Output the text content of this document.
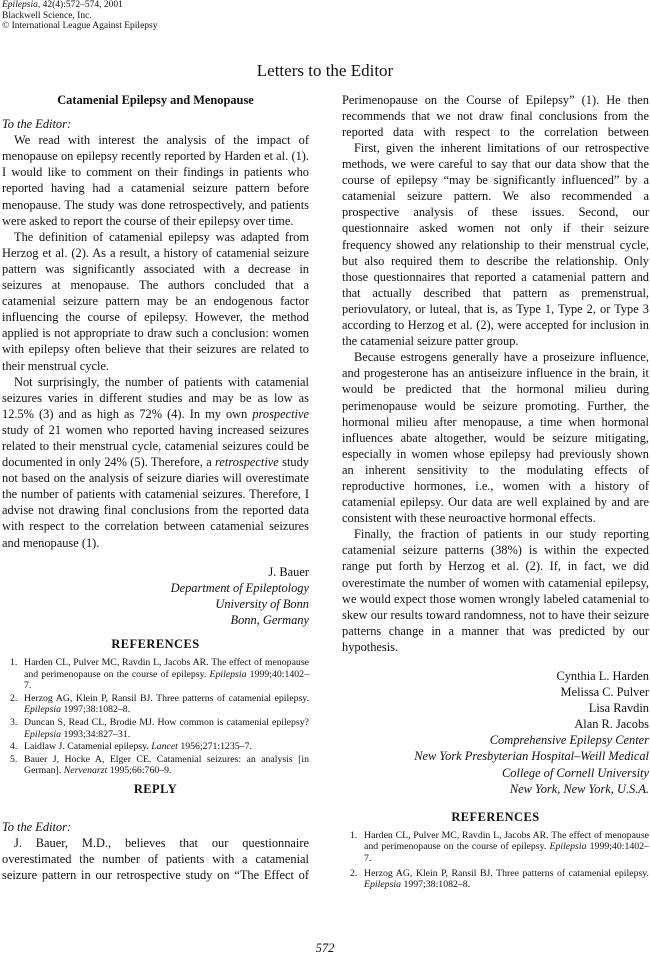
Epilepsia, 42(4):572–574, 2001
Blackwell Science, Inc.
© International League Against Epilepsy
Letters to the Editor
Catamenial Epilepsy and Menopause

To the Editor:

We read with interest the analysis of the impact of menopause on epilepsy recently reported by Harden et al. (1). I would like to comment on their findings in patients who reported having had a catamenial seizure pattern before menopause. The study was done retrospectively, and patients were asked to report the course of their epilepsy over time.

The definition of catamenial epilepsy was adapted from Herzog et al. (2). As a result, a history of catamenial seizure pattern was significantly associated with a decrease in seizures at menopause. The authors concluded that a catamenial seizure pattern may be an endogenous factor influencing the course of epilepsy. However, the method applied is not appropriate to draw such a conclusion: women with epilepsy often believe that their seizures are related to their menstrual cycle.

Not surprisingly, the number of patients with catamenial seizures varies in different studies and may be as low as 12.5% (3) and as high as 72% (4). In my own prospective study of 21 women who reported having increased seizures related to their menstrual cycle, catamenial seizures could be documented in only 24% (5). Therefore, a retrospective study not based on the analysis of seizure diaries will overestimate the number of patients with catamenial seizures. Therefore, I advise not drawing final conclusions from the reported data with respect to the correlation between catamenial seizures and menopause (1).

J. Bauer
Department of Epileptology
University of Bonn
Bonn, Germany
REFERENCES
1. Harden CL, Pulver MC, Ravdin L, Jacobs AR. The effect of menopause and perimenopause on the course of epilepsy. Epilepsia 1999;40:1402–7.
2. Herzog AG, Klein P, Ransil BJ. Three patterns of catamenial epilepsy. Epilepsia 1997;38:1082–8.
3. Duncan S, Read CL, Brodie MJ. How common is catamenial epilepsy? Epilepsia 1993;34:827–31.
4. Laidlaw J. Catamenial epilepsy. Lancet 1956;271:1235–7.
5. Bauer J, Hocke A, Elger CE. Catamenial seizures: an analysis [in German]. Nervenarzt 1995;66:760–9.
REPLY

To the Editor:

J. Bauer, M.D., believes that our questionnaire overestimated the number of patients with a catamenial seizure pattern in our retrospective study on “The Effect of

Perimenopause on the Course of Epilepsy” (1). He then recommends that we not draw final conclusions from the reported data with respect to the correlation between

First, given the inherent limitations of our retrospective methods, we were careful to say that our data show that the course of epilepsy “may be significantly influenced” by a catamenial seizure pattern. We also recommended a prospective analysis of these issues. Second, our questionnaire asked women not only if their seizure frequency showed any relationship to their menstrual cycle, but also required them to describe the relationship. Only those questionnaires that reported a catamenial pattern and that actually described that pattern as premenstrual, periovulatory, or luteal, that is, as Type 1, Type 2, or Type 3 according to Herzog et al. (2), were accepted for inclusion in the catamenial seizure patter group.

Because estrogens generally have a proseizure influence, and progesterone has an antiseizure influence in the brain, it would be predicted that the hormonal milieu during perimenopause would be seizure promoting. Further, the hormonal milieu after menopause, a time when hormonal influences abate altogether, would be seizure mitigating, especially in women whose epilepsy had previously shown an inherent sensitivity to the modulating effects of reproductive hormones, i.e., women with a history of catamenial epilepsy. Our data are well explained by and are consistent with these neuroactive hormonal effects.

Finally, the fraction of patients in our study reporting catamenial seizure patterns (38%) is within the expected range put forth by Herzog et al. (2). If, in fact, we did overestimate the number of women with catamenial epilepsy, we would expect those women wrongly labeled catamenial to skew our results toward randomness, not to have their seizure patterns change in a manner that was predicted by our hypothesis.

Cynthia L. Harden
Melissa C. Pulver
Lisa Ravdin
Alan R. Jacobs
Comprehensive Epilepsy Center
New York Presbyterian Hospital–Weill Medical
College of Cornell University
New York, New York, U.S.A.
REFERENCES
1. Harden CL, Pulver MC, Ravdin L, Jacobs AR. The effect of menopause and perimenopause on the course of epilepsy. Epilepsia 1999;40:1402–7.
2. Herzog AG, Klein P, Ransil BJ. Three patterns of catamenial epilepsy. Epilepsia 1997;38:1082–8.
572
